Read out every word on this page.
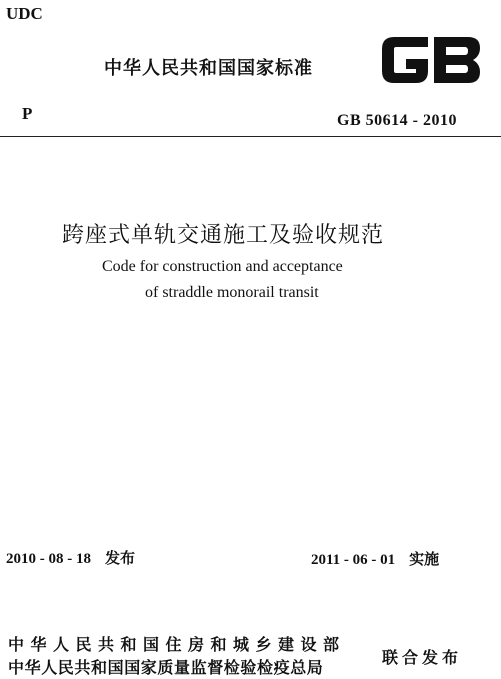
UDC
中华人民共和国国家标准
P	GB 50614 - 2010
跨座式单轨交通施工及验收规范
Code for construction and acceptance
of straddle monorail transit
2010 - 08 - 18 发布	2011 - 06 - 01 实施
中华人民共和国住房和城乡建设部
中华人民共和国国家质量监督检验检疫总局
联合发布
